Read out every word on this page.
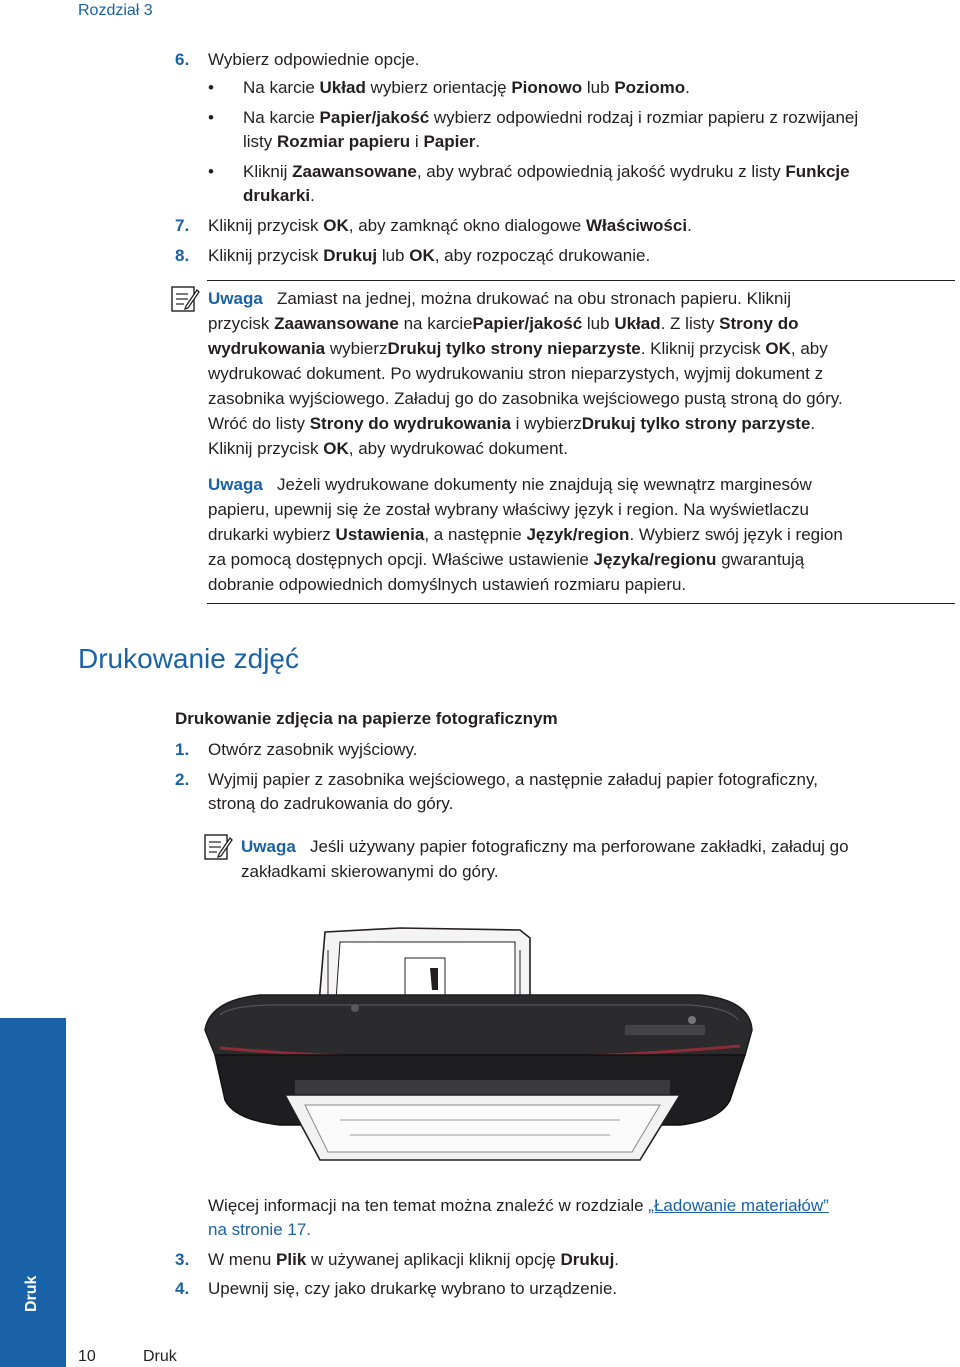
Rozdział 3
6. Wybierz odpowiednie opcje.
• Na karcie Układ wybierz orientację Pionowo lub Poziomo.
• Na karcie Papier/jakość wybierz odpowiedni rodzaj i rozmiar papieru z rozwijanej
listy Rozmiar papieru i Papier.
• Kliknij Zaawansowane, aby wybrać odpowiednią jakość wydruku z listy Funkcje
drukarki.
7. Kliknij przycisk OK, aby zamknąć okno dialogowe Właściwości.
8. Kliknij przycisk Drukuj lub OK, aby rozpocząć drukowanie.
Uwaga Zamiast na jednej, można drukować na obu stronach papieru. Kliknij
przycisk Zaawansowane na karciePapier/jakość lub Układ. Z listy Strony do
wydrukowania wybierzDrukuj tylko strony nieparzyste. Kliknij przycisk OK, aby
wydrukować dokument. Po wydrukowaniu stron nieparzystych, wyjmij dokument z
zasobnika wyjściowego. Załaduj go do zasobnika wejściowego pustą stroną do góry.
Wróć do listy Strony do wydrukowania i wybierzDrukuj tylko strony parzyste.
Kliknij przycisk OK, aby wydrukować dokument.
Uwaga Jeżeli wydrukowane dokumenty nie znajdują się wewnątrz marginesów
papieru, upewnij się że został wybrany właściwy język i region. Na wyświetlaczu
drukarki wybierz Ustawienia, a następnie Język/region. Wybierz swój język i region
za pomocą dostępnych opcji. Właściwe ustawienie Języka/regionu gwarantują
dobranie odpowiednich domyślnych ustawień rozmiaru papieru.
Drukowanie zdjęć
Drukowanie zdjęcia na papierze fotograficznym
1. Otwórz zasobnik wyjściowy.
2. Wyjmij papier z zasobnika wejściowego, a następnie załaduj papier fotograficzny,
stroną do zadrukowania do góry.
Uwaga Jeśli używany papier fotograficzny ma perforowane zakładki, załaduj go
zakładkami skierowanymi do góry.
Więcej informacji na ten temat można znaleźć w rozdziale „Ładowanie materiałów”
na stronie 17.
3. W menu Plik w używanej aplikacji kliknij opcję Drukuj.
4. Upewnij się, czy jako drukarkę wybrano to urządzenie.
Druk
10	Druk
